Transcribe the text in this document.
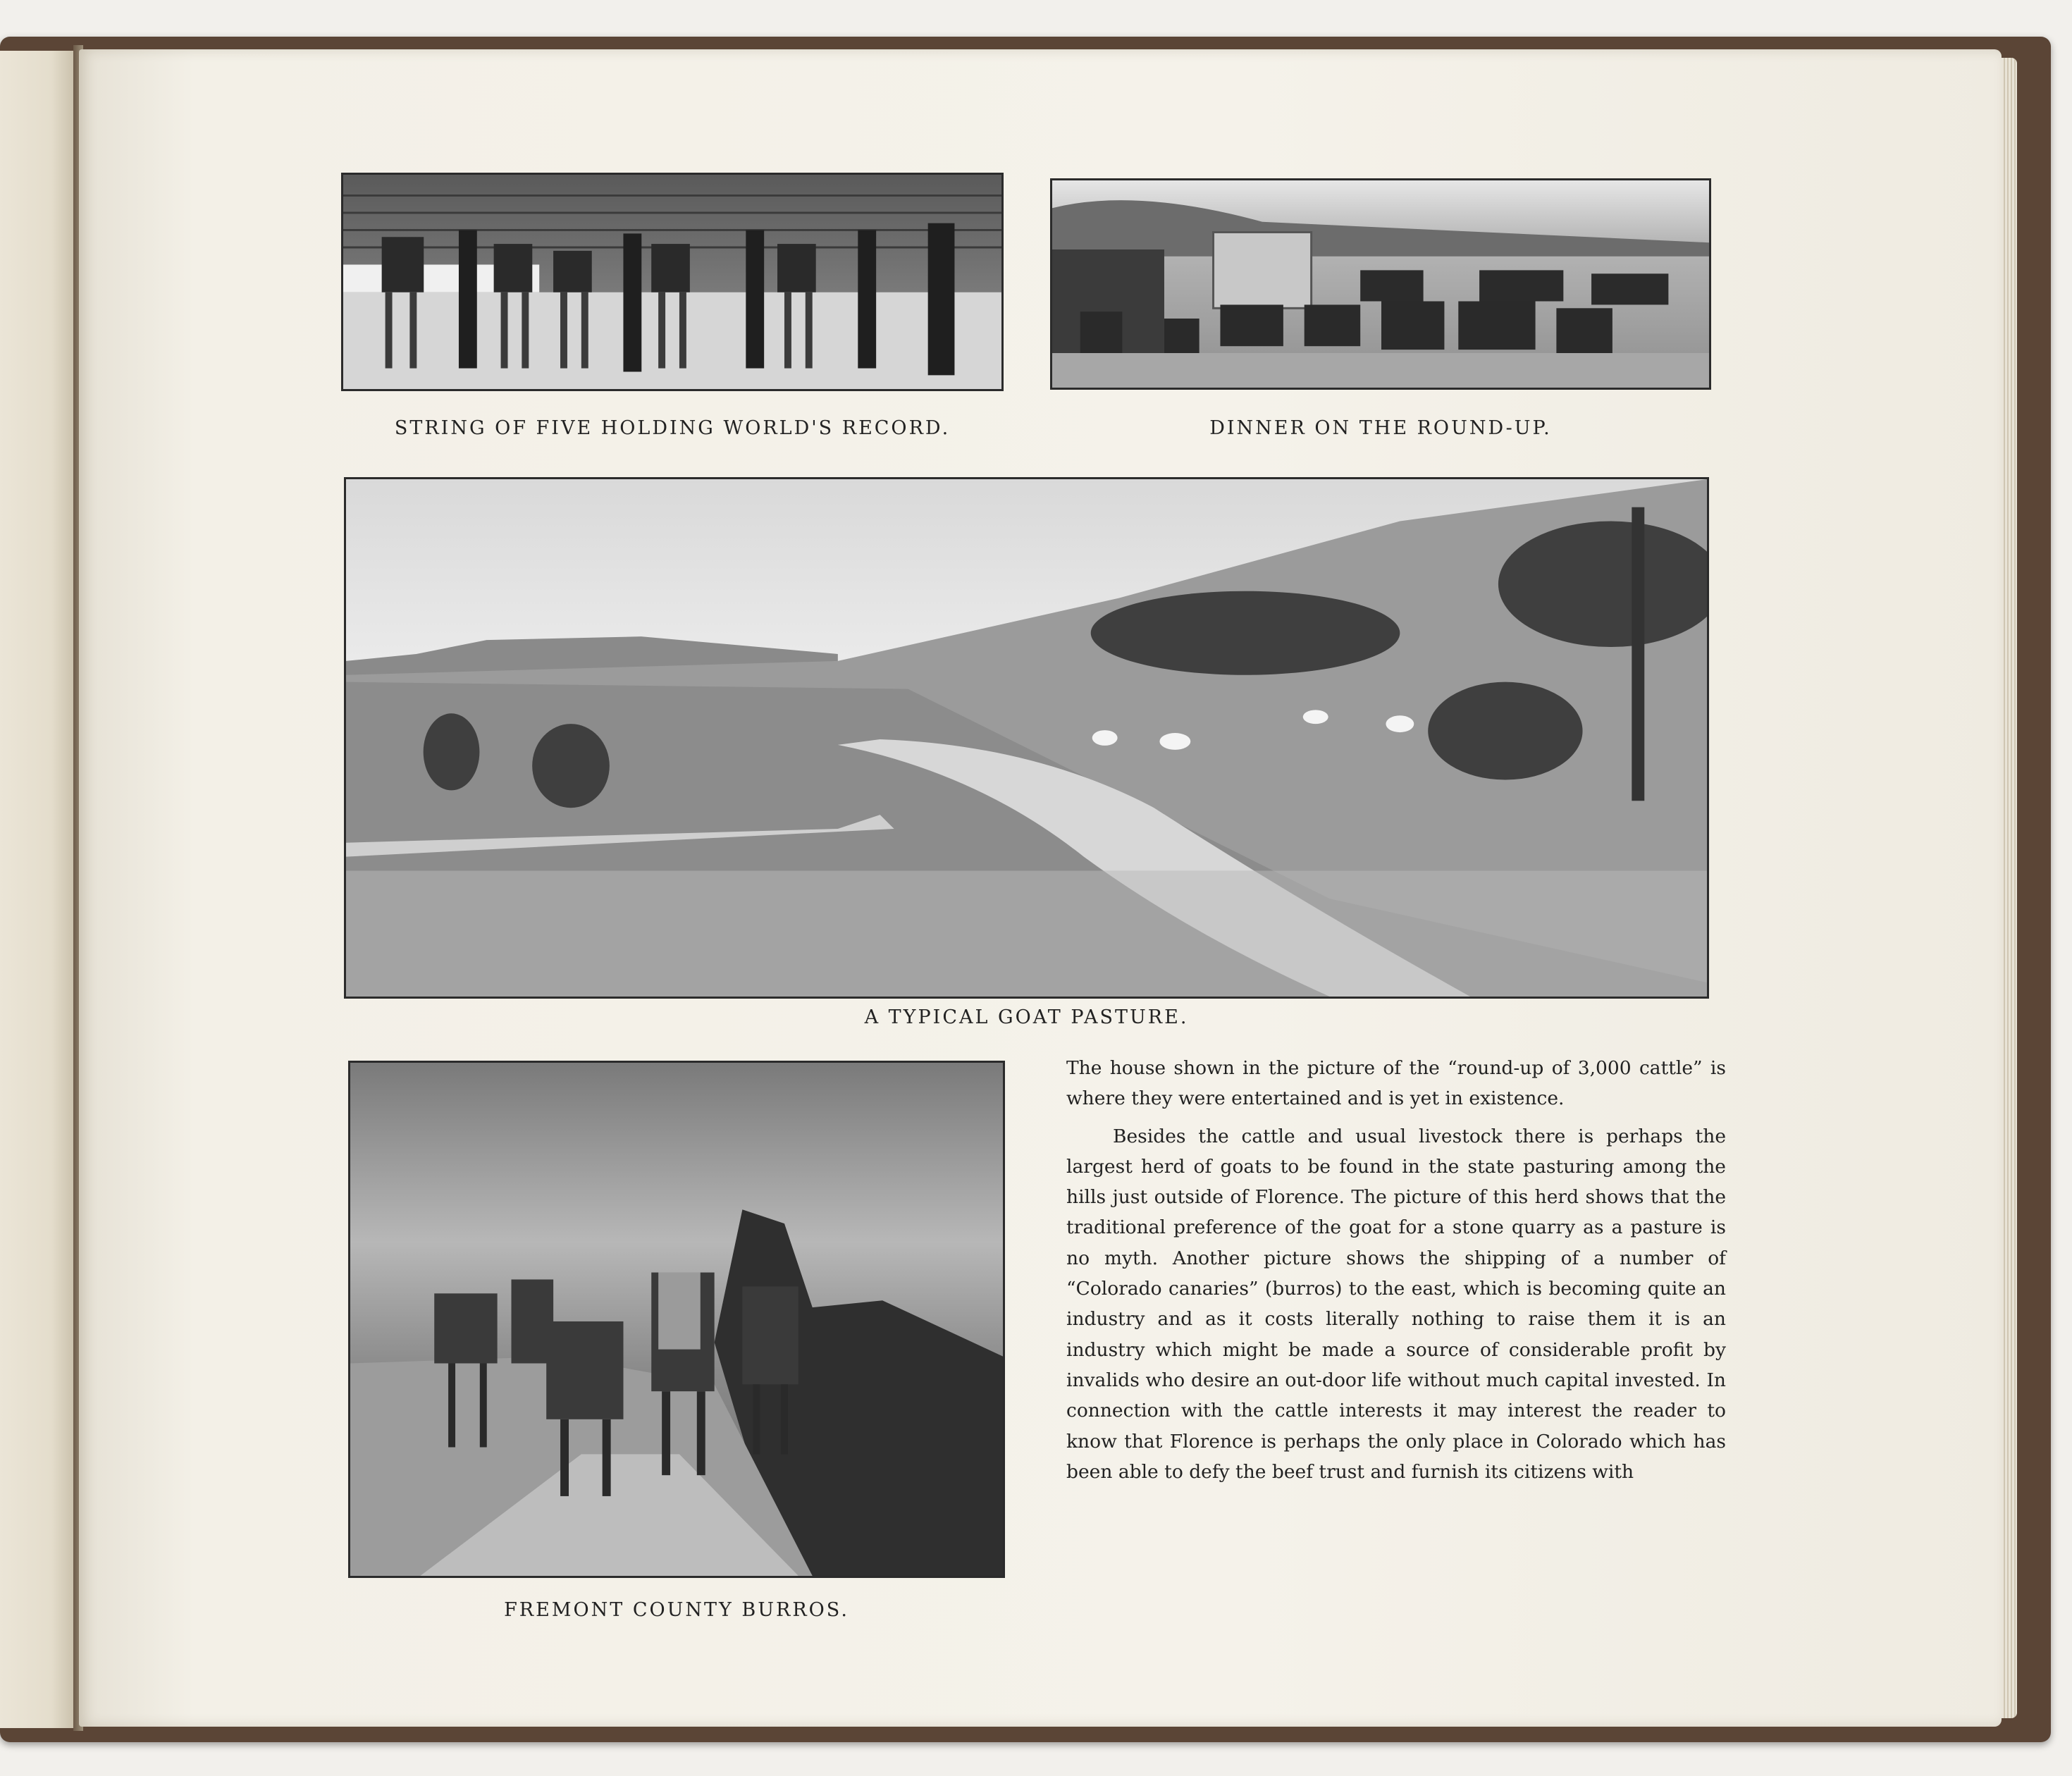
STRING OF FIVE HOLDING WORLD'S RECORD.	DINNER ON THE ROUND-UP.
A TYPICAL GOAT PASTURE.
FREMONT COUNTY BURROS.

The house shown in the picture of the “round-up of 3,000 cattle” is where they were entertained and is yet in existence.

Besides the cattle and usual livestock there is perhaps the largest herd of goats to be found in the state pasturing among the hills just outside of Florence. The picture of this herd shows that the traditional preference of the goat for a stone quarry as a pasture is no myth. Another picture shows the shipping of a number of “Colorado canaries” (burros) to the east, which is becoming quite an industry and as it costs literally nothing to raise them it is an industry which might be made a source of considerable profit by invalids who desire an out-door life without much capital invested. In connection with the cattle interests it may interest the reader to know that Florence is perhaps the only place in Colorado which has been able to defy the beef trust and furnish its citizens with
